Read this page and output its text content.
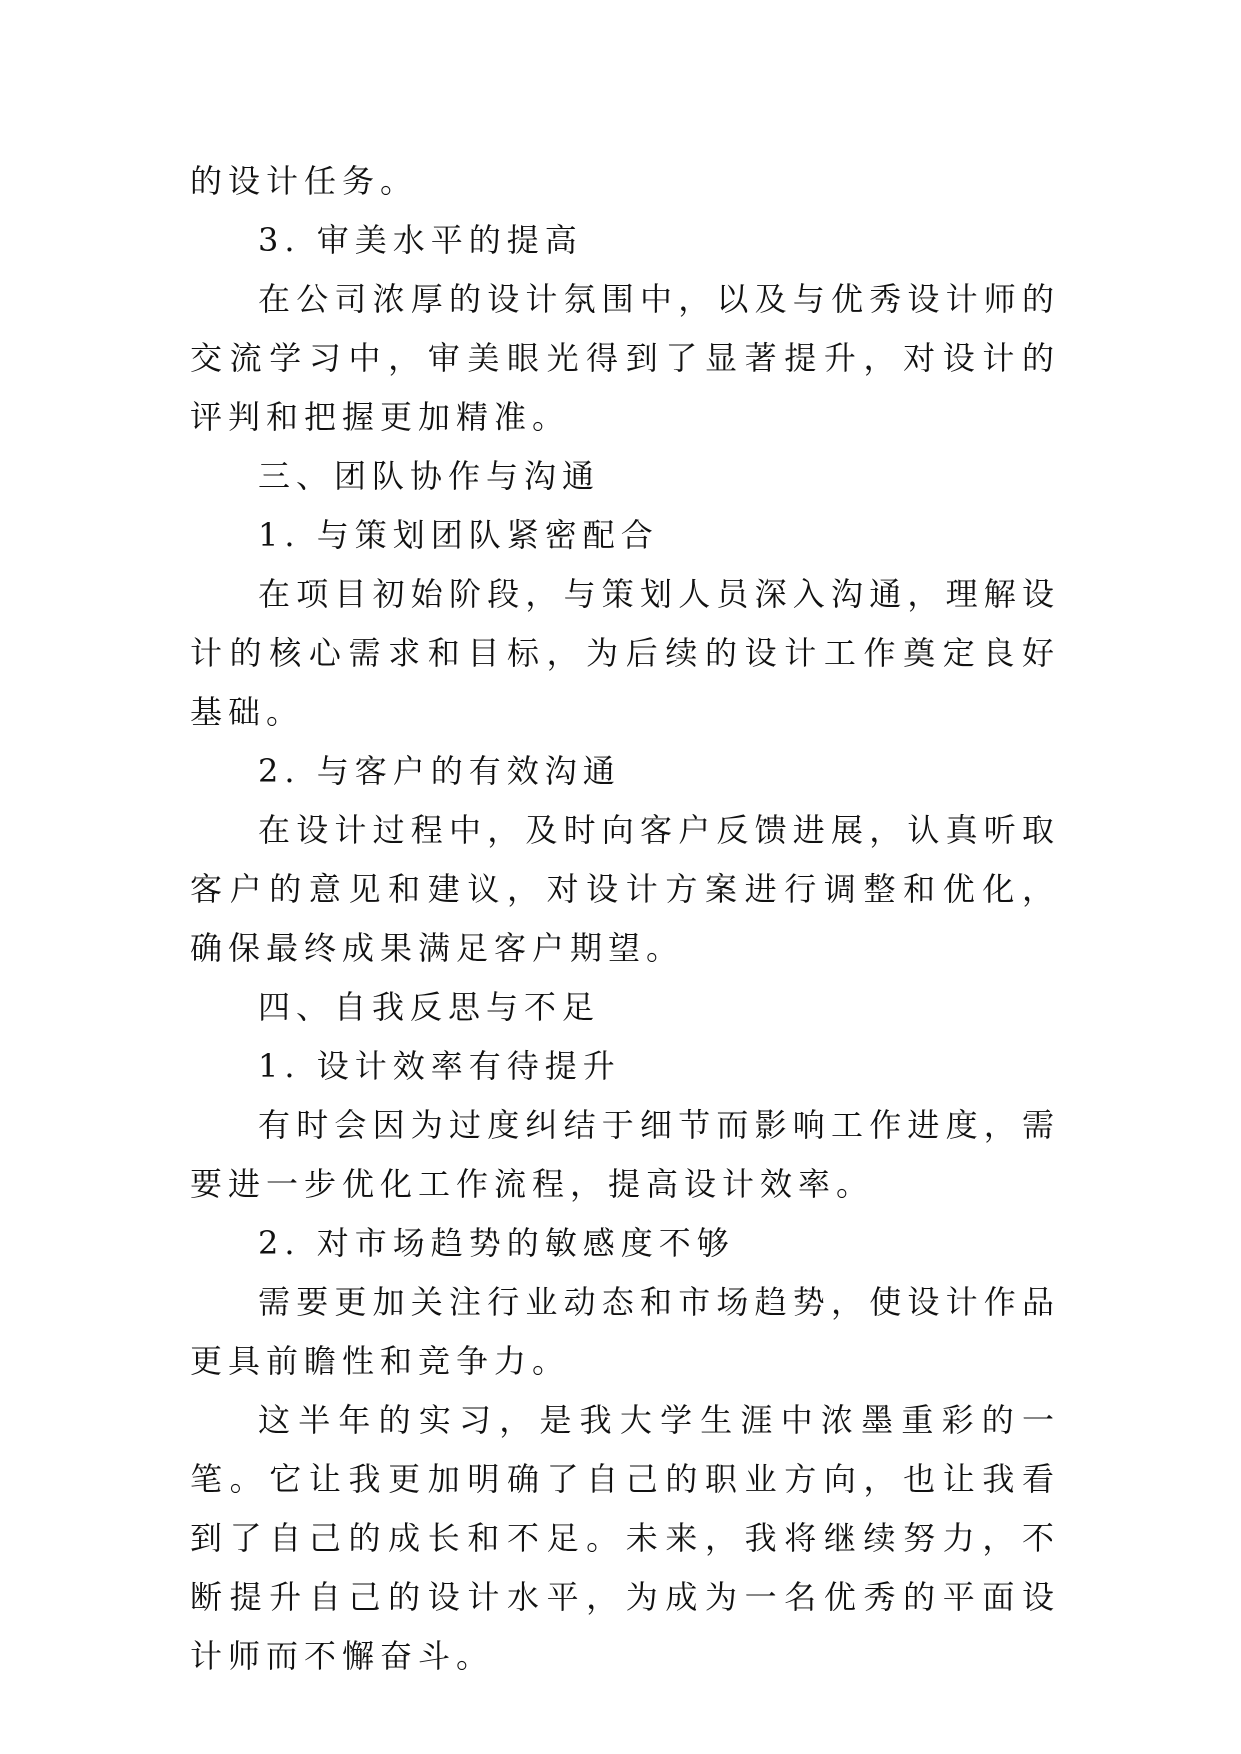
的设计任务。

3. 审美水平的提高

在公司浓厚的设计氛围中，以及与优秀设计师的交流学习中，审美眼光得到了显著提升，对设计的评判和把握更加精准。

三、团队协作与沟通

1. 与策划团队紧密配合

在项目初始阶段，与策划人员深入沟通，理解设计的核心需求和目标，为后续的设计工作奠定良好基础。

2. 与客户的有效沟通

在设计过程中，及时向客户反馈进展，认真听取客户的意见和建议，对设计方案进行调整和优化，确保最终成果满足客户期望。

四、自我反思与不足

1. 设计效率有待提升

有时会因为过度纠结于细节而影响工作进度，需要进一步优化工作流程，提高设计效率。

2. 对市场趋势的敏感度不够

需要更加关注行业动态和市场趋势，使设计作品更具前瞻性和竞争力。

这半年的实习，是我大学生涯中浓墨重彩的一笔。它让我更加明确了自己的职业方向，也让我看到了自己的成长和不足。未来，我将继续努力，不断提升自己的设计水平，为成为一名优秀的平面设计师而不懈奋斗。
